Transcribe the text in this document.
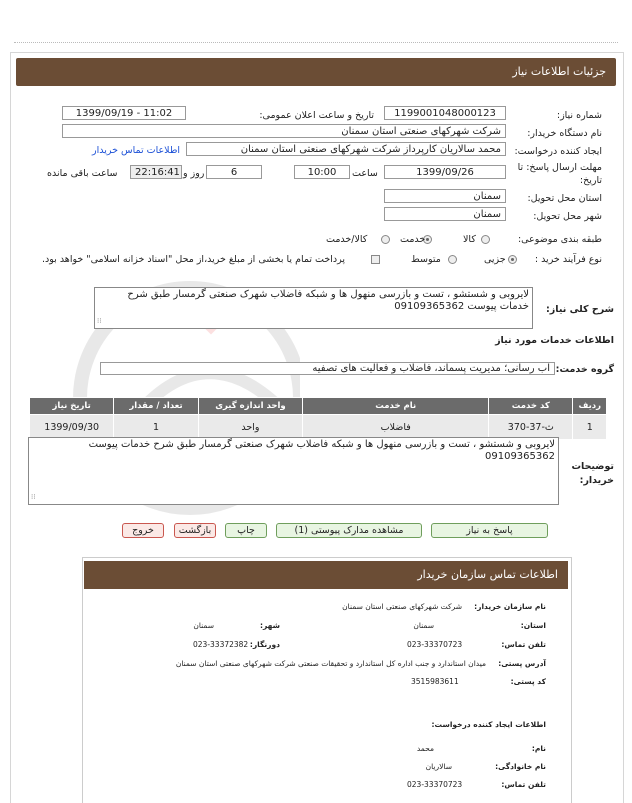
جزئیات اطلاعات نیاز
شماره نیاز:
1199001048000123
تاریخ و ساعت اعلان عمومی:
1399/09/19 - 11:02
نام دستگاه خریدار:
شرکت شهرکهای صنعتی استان سمنان
ایجاد کننده درخواست:
محمد سالاریان کارپرداز شرکت شهرکهای صنعتی استان سمنان
اطلاعات تماس خریدار
مهلت ارسال پاسخ: تا تاریخ:
1399/09/26
ساعت
10:00
6
روز و
22:16:41
ساعت باقی مانده
استان محل تحویل:
سمنان
شهر محل تحویل:
سمنان
طبقه بندی موضوعی:
کالا
خدمت
کالا/خدمت
نوع فرآیند خرید :
جزیی
متوسط
پرداخت تمام یا بخشی از مبلغ خرید،از محل "اسناد خزانه اسلامی" خواهد بود.
شرح کلی نیاز:
لایروبی و شستشو ، تست و بازرسی منهول ها و شبکه فاضلاب شهرک صنعتی گرمسار طبق شرح خدمات پیوست 09109365362
⁞⁞
اطلاعات خدمات مورد نیاز
گروه خدمت:
آب رسانی؛ مدیریت پسماند، فاضلاب و فعالیت های تصفیه
ردیف	کد خدمت	نام خدمت	واحد اندازه گیری	تعداد / مقدار	تاریخ نیاز
1	ث-37-370	فاضلاب	واحد	1	1399/09/30
توضیحات خریدار:
لایروبی و شستشو ، تست و بازرسی منهول ها و شبکه فاضلاب شهرک صنعتی گرمسار طبق شرح خدمات پیوست 09109365362
⁞⁞
پاسخ به نیاز
مشاهده مدارک پیوستی (1)
چاپ
بازگشت
خروج
اطلاعات تماس سازمان خریدار
نام سازمان خریدار:
شرکت شهرکهای صنعتی استان سمنان
استان:
سمنان
شهر:
سمنان
تلفن تماس:
023-33370723
دورنگار:
023-33372382
آدرس پستی:
میدان استاندارد و جنب اداره کل استاندارد و تحقیقات صنعتی شرکت شهرکهای صنعتی استان سمنان
کد پستی:
3515983611
اطلاعات ایجاد کننده درخواست:
نام:
محمد
نام خانوادگی:
سالاریان
تلفن تماس:
023-33370723
